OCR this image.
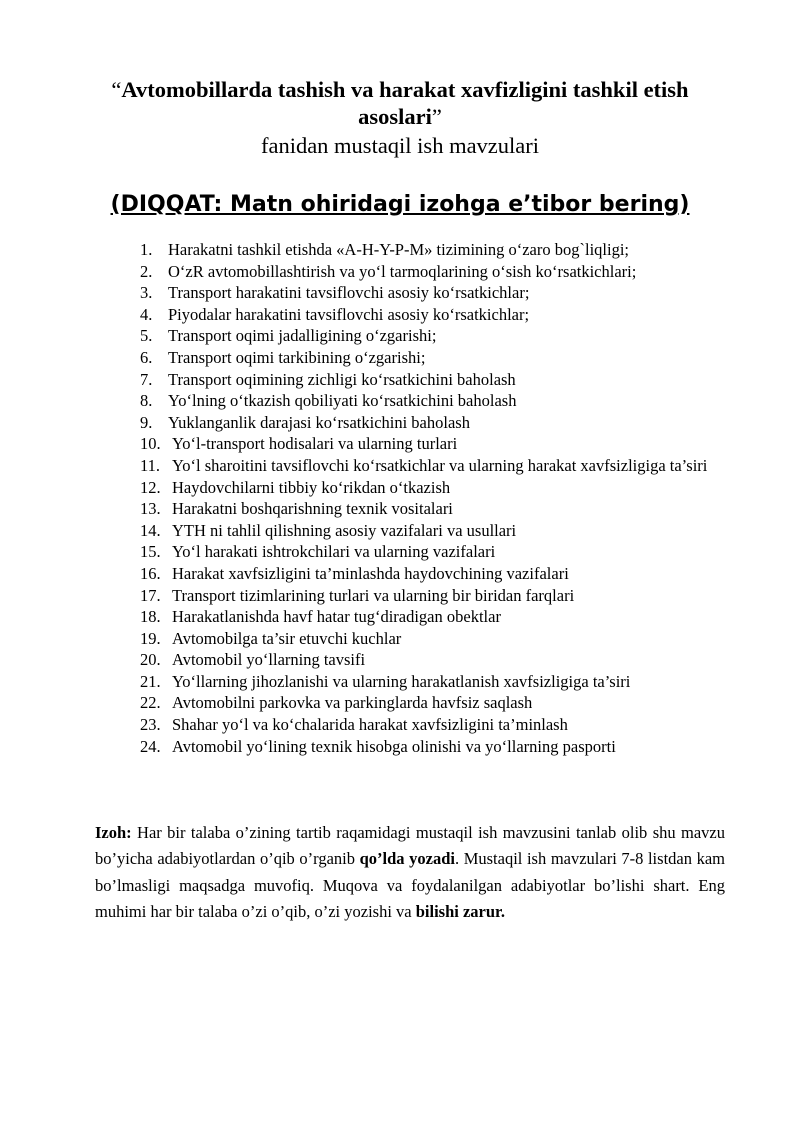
“Avtomobillarda tashish va harakat xavfizligini tashkil etish asoslari”
fanidan mustaqil ish mavzulari
(DIQQAT: Matn ohiridagi izohga e’tibor bering)
1. Harakatni tashkil etishda «A-H-Y-P-M» tizimining o‘zaro bog`liqligi;
2. O‘zR avtomobillashtirish va yo‘l tarmoqlarining o‘sish ko‘rsatkichlari;
3. Transport harakatini tavsiflovchi asosiy ko‘rsatkichlar;
4. Piyodalar harakatini tavsiflovchi asosiy ko‘rsatkichlar;
5. Transport oqimi jadalligining o‘zgarishi;
6. Transport oqimi tarkibining o‘zgarishi;
7. Transport oqimining zichligi ko‘rsatkichini baholash
8. Yo‘lning o‘tkazish qobiliyati ko‘rsatkichini baholash
9. Yuklanganlik darajasi ko‘rsatkichini baholash
10. Yo‘l-transport hodisalari va ularning turlari
11. Yo‘l sharoitini tavsiflovchi ko‘rsatkichlar va ularning harakat xavfsizligiga ta’siri
12. Haydovchilarni tibbiy ko‘rikdan o‘tkazish
13. Harakatni boshqarishning texnik vositalari
14. YTH ni tahlil qilishning asosiy vazifalari va usullari
15. Yo‘l harakati ishtrokchilari va ularning vazifalari
16. Harakat xavfsizligini ta’minlashda haydovchining vazifalari
17. Transport tizimlarining turlari va ularning bir biridan farqlari
18. Harakatlanishda havf hatar tug‘diradigan obektlar
19. Avtomobilga ta’sir etuvchi kuchlar
20. Avtomobil yo‘llarning tavsifi
21. Yo‘llarning jihozlanishi va ularning harakatlanish xavfsizligiga ta’siri
22. Avtomobilni parkovka va parkinglarda havfsiz saqlash
23. Shahar yo‘l va ko‘chalarida harakat xavfsizligini ta’minlash
24. Avtomobil yo‘lining texnik hisobga olinishi va yo‘llarning pasporti
Izoh: Har bir talaba o’zining tartib raqamidagi mustaqil ish mavzusini tanlab olib shu mavzu bo’yicha adabiyotlardan o’qib o’rganib qo’lda yozadi. Mustaqil ish mavzulari 7-8 listdan kam bo’lmasligi maqsadga muvofiq. Muqova va foydalanilgan adabiyotlar bo’lishi shart. Eng muhimi har bir talaba o’zi o’qib, o’zi yozishi va bilishi zarur.
